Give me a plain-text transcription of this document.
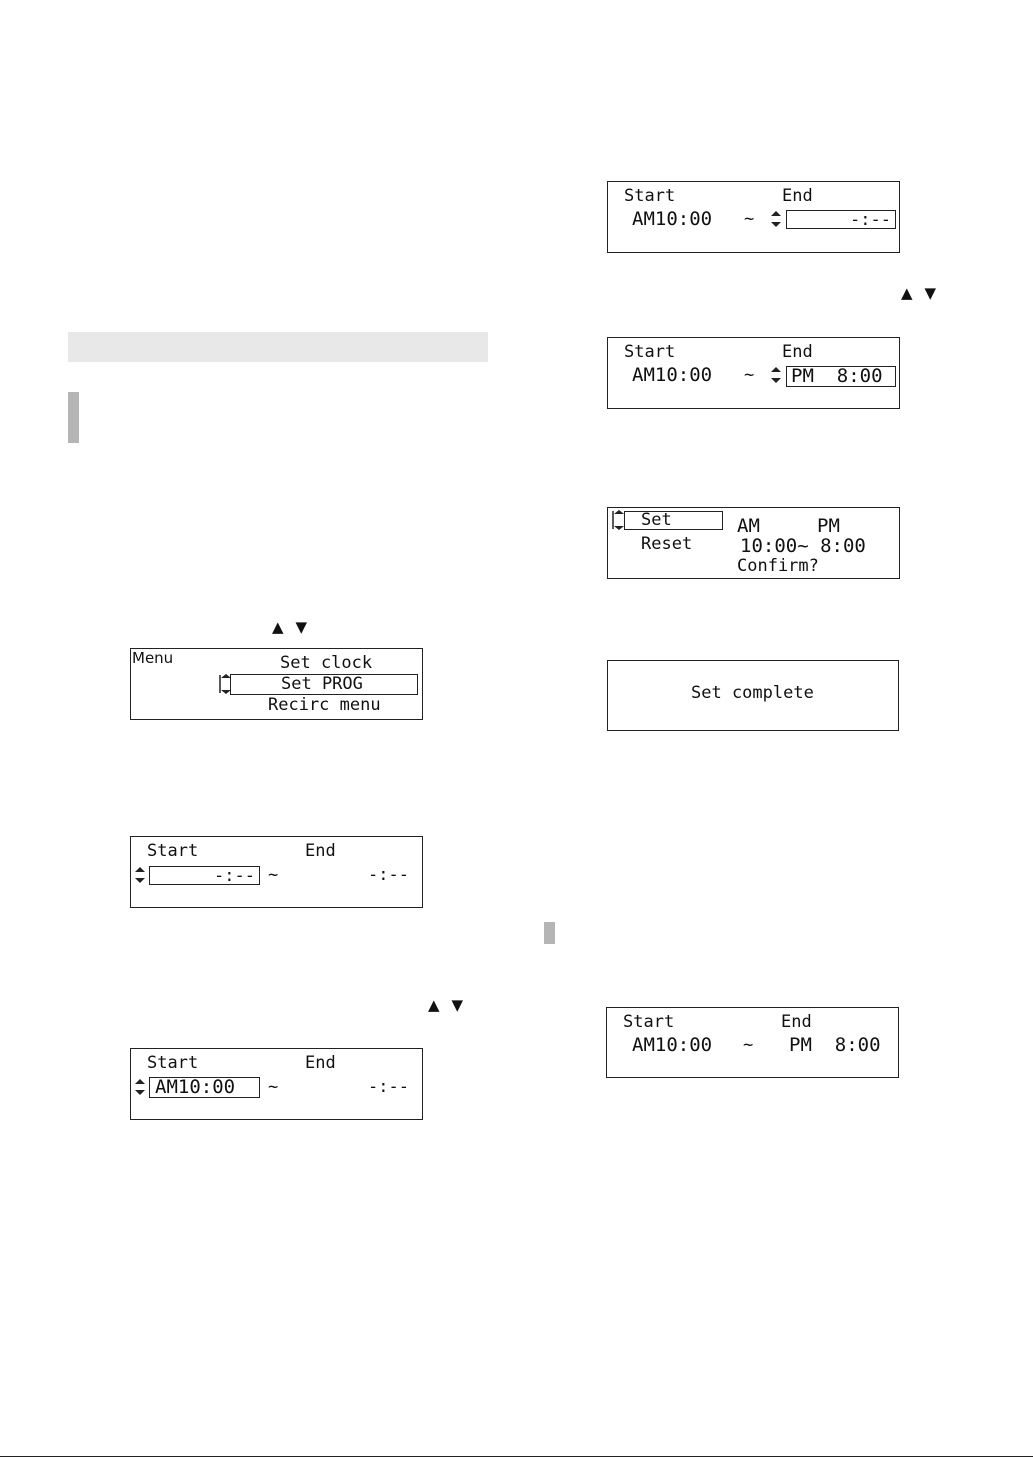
▲▼
▲▼
▲▼
Menu	Set clock
Set PROG
Recirc menu
Start	End
-:-- ~	-:--
Start	End
AM10:00 ~	-:--
Start	End
AM10:00 ~	-:--
Start	End
AM10:00 ~ PM  8:00
Set
Reset
AM	PM
10:00~ 8:00
Confirm?
Set complete
Start	End
AM10:00 ~ PM  8:00
